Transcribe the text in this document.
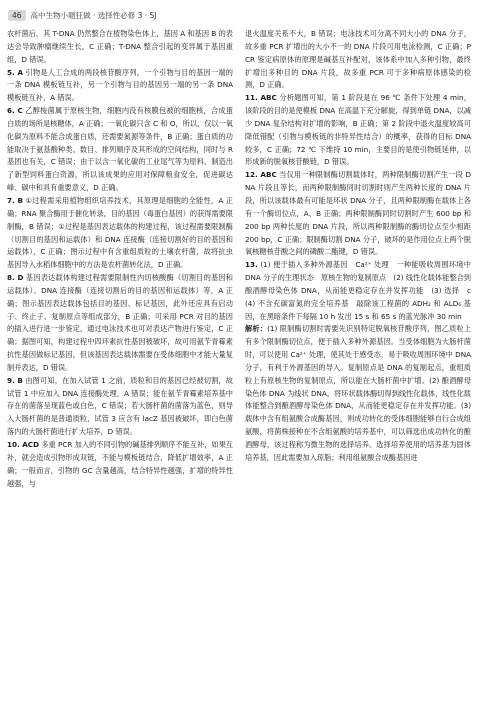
46	高中生物小题狂做 · 选择性必修 3 · SJ

农杆菌后，其 T-DNA 仍然整合在植物染色体上，基因 A 和基因 B 的表达会导致肿瘤继续生长，C 正确；T-DNA 整合引起的变异属于基因重组，D 错误。

5. A 引物是人工合成的两段核苷酸序列，一个引物与目的基因一端的一条 DNA 模板链互补，另一个引物与目的基因另一端的另一条 DNA 模板链互补，A 错误。

6. C 乙醇梭菌属于原核生物，细胞内没有核膜包被的细胞核，合成蛋白质的场所是核糖体，A 正确；一氧化碳只含 C 和 O，所以，仅以一氧化碳为原料不能合成蛋白质，还需要氮源等条件，B 正确；蛋白质的功能取决于氨基酸种类、数目、排列顺序及其形成的空间结构，同时与 R 基团也有关，C 错误；由于以含一氧化碳的工业尾气等为原料，制造出了新型饲料蛋白资源，所以该成果的应用对保障粮食安全，促进碳达峰、碳中和具有重要意义，D 正确。

7. B ①过程需采用植物组织培养技术，其原理是细胞的全能性，A 正确；RNA 聚合酶用于催化转录，目的基因（毒蛋白基因）的获得需要限制酶，B 错误；①过程是基因表达载体的构建过程，该过程需要限制酶（切割目的基因和运载体）和 DNA 连接酶（连接切割好的目的基因和运载体），C 正确；图示过程中有含重组质粒的土壤农杆菌，故将抗虫基因导入水稻体细胞中的方法是农杆菌转化法，D 正确。

8. D 基因表达载体构建过程需要限制性内切核酸酶（切割目的基因和运载体）、DNA 连接酶（连接切割后的目的基因和运载体）等，A 正确；图示基因表达载体包括目的基因、标记基因，此外还应具有启动子、终止子、复制原点等组成部分，B 正确；可采用 PCR 对目的基因的插入进行进一步鉴定，通过电泳技术也可对表达产物进行鉴定，C 正确；据图可知，构建过程中四环素抗性基因被破坏，故可用氨苄青霉素抗性基因做标记基因，但该基因表达载体需要在受体细胞中才能大量复制并表达，D 错误。

9. B 由图可知，在加入试管 1 之前，质粒和目的基因已经被切割，故试管 1 中应加入 DNA 连接酶处理，A 错误；能在氨苄青霉素培养基中存在的菌落呈现蓝色或白色，C 错误；若大肠杆菌的菌落为蓝色，则导入大肠杆菌的是普通质粒，试管 3 应含有 lacZ 基因被破坏，即白色菌落内的大肠杆菌进行扩大培养，D 错误。

10. ACD 多重 PCR 加入的不同引物的碱基排列顺序不能互补，如果互补，就会造成引物形成双链，不能与模板链结合，降低扩增效率，A 正确；一般而言，引物的 GC 含量越高，结合特异性越强，扩增的特异性越强，与

退火温度关系不大，B 错误；电泳技术可分离不同大小的 DNA 分子，故多重 PCR 扩增出的大小不一的 DNA 片段可用电泳检测，C 正确；PCR 鉴定病原体的原理是碱基互补配对，该体系中加入多种引物，最终扩增出多种目的 DNA 片段，故多重 PCR 可于多种病原体感染的检测，D 正确。

11. ABC 分析题图可知，第 1 阶段是在 96 ℃ 条件下处理 4 min，该阶段的目的是使模板 DNA 在高温下充分解旋，得到单链 DNA，以减少 DNA 复杂结构对扩增的影响，B 正确；第 2 阶段中退火温度较高可降低错配（引物与模板链的非特异性结合）的概率，获得的目标 DNA 较多，C 正确；72 ℃ 下维持 10 min，主要目的是使引物链延伸，以形成新的脱氧核苷酸链，D 错误。

12. ABC 当仅用一种限制酶切割载体时，两种限制酶切割产生一段 DNA 片段且等长，而两种限制酶同时切割时则产生两种长度的 DNA 片段，所以该载体最有可能是环状 DNA 分子，且两种限制酶在载体上各有一个酶切位点，A、B 正确；两种限制酶同时切割时产生 600 bp 和 200 bp 两种长度的 DNA 片段，所以两种限制酶的酶切位点至少相距 200 bp，C 正确；限制酶切割 DNA 分子，破坏的是作用位点上两个脱氧核糖核苷酸之间的磷酸二酯键，D 错误。

13. (1) 便于插入多种外源基因　Ca²⁺ 处理　一种能吸收周围环境中 DNA 分子的生理状态　原核生物的复制原点　(2) 线性化载体能整合到酿酒酵母染色体 DNA，从而能更稳定存在并发挥功能　(3) 选择　c　(4) 不含充碳富氮的完全培养基　敲除该工程菌的 ADH₂ 和 ALD₆ 基因，在黑暗条件下每隔 10 h 发出 15 s 和 65 s 的蓝光脉冲 30 min

解析：(1) 限制酶切割时需要先识别特定脱氧核苷酸序列，图乙质粒上有多个限制酶切位点，便于插入多种外源基因。当受体细胞为大肠杆菌时，可以使用 Ca²⁺ 处理，使其处于感受态，易于吸收周围环境中 DNA 分子，有利于外源基因的导入。复制原点是 DNA 的复制起点，重组质粒上有原核生物的复制原点，所以能在大肠杆菌中扩增。(2) 酿酒酵母染色体 DNA 为线状 DNA，将环状载体酶切得到线性化载体，线性化载体能整合到酿酒酵母染色体 DNA，从而能更稳定存在并发挥功能。(3) 载体中含有组氨酸合成酶基因，则成功转化的受体细胞能够自行合成组氨酸，将菌株接种在不含组氨酸的培养基中，可以筛选出成功转化的酿酒酵母，该过程称为微生物的选择培养。选择培养使用的培养基为固体培养基，因此需要加入琼脂；利用组氨酸合成酶基因进
